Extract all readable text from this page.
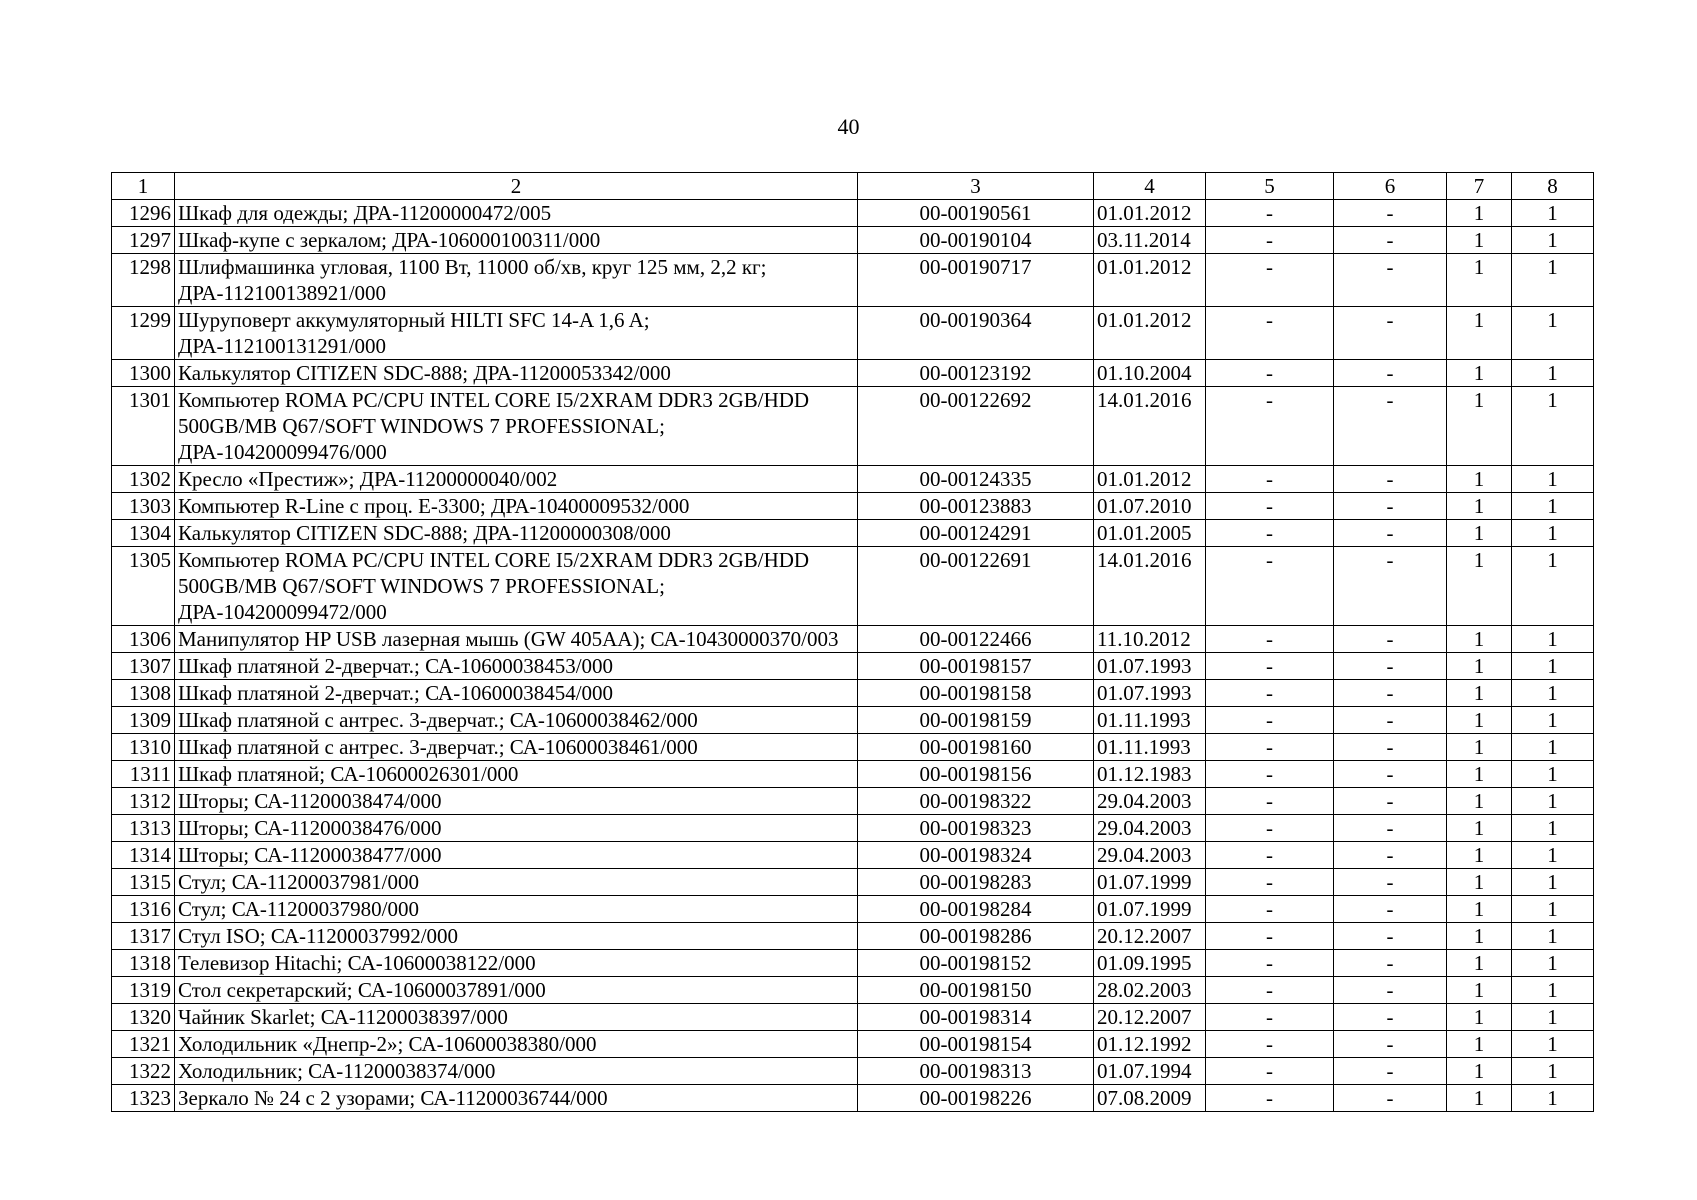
40
1	2	3	4	5	6	7	8
1296	Шкаф для одежды; ДРА-11200000472/005	00-00190561	01.01.2012	-	-	1	1
1297	Шкаф-купе с зеркалом; ДРА-106000100311/000	00-00190104	03.11.2014	-	-	1	1
1298	Шлифмашинка угловая, 1100 Вт, 11000 об/хв, круг 125 мм, 2,2 кг; ДРА-112100138921/000	00-00190717	01.01.2012	-	-	1	1
1299	Шуруповерт аккумуляторный HILTI SFC 14-A 1,6 A; ДРА-112100131291/000	00-00190364	01.01.2012	-	-	1	1
1300	Калькулятор CITIZEN SDC-888; ДРА-11200053342/000	00-00123192	01.10.2004	-	-	1	1
1301	Компьютер ROMA PC/CPU INTEL CORE I5/2XRAM DDR3 2GB/HDD 500GB/MB Q67/SOFT WINDOWS 7 PROFESSIONAL; ДРА-104200099476/000	00-00122692	14.01.2016	-	-	1	1
1302	Кресло «Престиж»; ДРА-11200000040/002	00-00124335	01.01.2012	-	-	1	1
1303	Компьютер R-Line с проц. E-3300; ДРА-10400009532/000	00-00123883	01.07.2010	-	-	1	1
1304	Калькулятор CITIZEN SDC-888; ДРА-11200000308/000	00-00124291	01.01.2005	-	-	1	1
1305	Компьютер ROMA PC/CPU INTEL CORE I5/2XRAM DDR3 2GB/HDD 500GB/MB Q67/SOFT WINDOWS 7 PROFESSIONAL; ДРА-104200099472/000	00-00122691	14.01.2016	-	-	1	1
1306	Манипулятор HP USB лазерная мышь (GW 405AA); СА-10430000370/003	00-00122466	11.10.2012	-	-	1	1
1307	Шкаф платяной 2-дверчат.; СА-10600038453/000	00-00198157	01.07.1993	-	-	1	1
1308	Шкаф платяной 2-дверчат.; СА-10600038454/000	00-00198158	01.07.1993	-	-	1	1
1309	Шкаф платяной с антрес. 3-дверчат.; СА-10600038462/000	00-00198159	01.11.1993	-	-	1	1
1310	Шкаф платяной с антрес. 3-дверчат.; СА-10600038461/000	00-00198160	01.11.1993	-	-	1	1
1311	Шкаф платяной; СА-10600026301/000	00-00198156	01.12.1983	-	-	1	1
1312	Шторы; СА-11200038474/000	00-00198322	29.04.2003	-	-	1	1
1313	Шторы; СА-11200038476/000	00-00198323	29.04.2003	-	-	1	1
1314	Шторы; СА-11200038477/000	00-00198324	29.04.2003	-	-	1	1
1315	Стул; СА-11200037981/000	00-00198283	01.07.1999	-	-	1	1
1316	Стул; СА-11200037980/000	00-00198284	01.07.1999	-	-	1	1
1317	Стул ISO; СА-11200037992/000	00-00198286	20.12.2007	-	-	1	1
1318	Телевизор Hitachi; СА-10600038122/000	00-00198152	01.09.1995	-	-	1	1
1319	Стол секретарский; СА-10600037891/000	00-00198150	28.02.2003	-	-	1	1
1320	Чайник Skarlet; СА-11200038397/000	00-00198314	20.12.2007	-	-	1	1
1321	Холодильник «Днепр-2»; СА-10600038380/000	00-00198154	01.12.1992	-	-	1	1
1322	Холодильник; СА-11200038374/000	00-00198313	01.07.1994	-	-	1	1
1323	Зеркало № 24 с 2 узорами; СА-11200036744/000	00-00198226	07.08.2009	-	-	1	1
